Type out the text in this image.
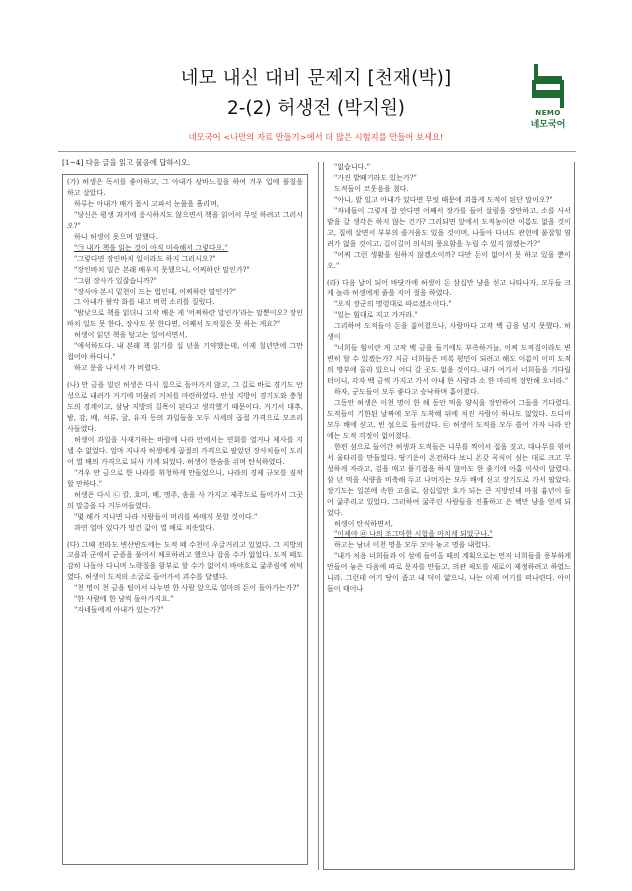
네모 내신 대비 문제지 [천재(박)]
2-(2) 허생전 (박지원)
네모국어 <나만의 자료 만들기>에서 더 많은 시험지를 만들어 보세요!
NEMO
네모국어
[1~4] 다음 글을 읽고 물음에 답하시오.

(가) 허생은 독서를 좋아하고, 그 아내가 삯바느질을 하여 겨우 입에 풀칠을 하고 살았다.

하루는 아내가 배가 몹시 고파서 눈물을 흘리며,

"당신은 평생 과거에 응시하지도 않으면서 책을 읽어서 무엇 하려고 그러시오?"

하니 허생이 웃으며 말했다.

"㉠ 내가 책을 읽는 것이 아직 미숙해서 그렇다오."

"그렇다면 장인바치 일이라도 하지 그러시오?"

"장인바치 일은 본래 배우지 못했으니, 어찌하란 말인가?"

"그럼 장사가 있잖습니까?"

"장사야 본시 밑천이 드는 법인데, 어찌하란 말인가?"

그 아내가 왈칵 화를 내고 버럭 소리를 질렀다.

"밤낮으로 책을 읽더니 고작 배운 게 '어찌하란 말인가'라는 말뿐이오? 장인바치 일도 못 한다, 장사도 못 한다면, 어째서 도적질은 못 하는 게요?"

허생이 읽던 책을 덮고는 일어서면서,

"애석하도다. 내 본래 책 읽기를 십 년을 기약했는데, 이제 칠년만에 그만 접어야 하다니."

하고 문을 나서서 가 버렸다.

(나) 만 금을 빌린 허생은 다시 집으로 돌아가지 않고, 그 길로 바로 경기도 안성으로 내려가 거기에 머물러 거처를 마련하였다. 안성 지방이 경기도와 충청도의 경계이고, 삼남 지방의 길목이 된다고 생각했기 때문이다. 거기서 대추, 밤, 감, 배, 석류, 귤, 유자 등의 과일들을 모두 시세의 곱절 가격으로 모조리 사들였다.

허생이 과일을 사재기하는 바람에 나라 안에서는 연회를 열거나 제사를 지낼 수 없었다. 얼마 지나자 허생에게 곱절의 가격으로 팔았던 장사치들이 도리어 열 배의 가격으로 되사 가게 되었다. 허생이 한숨을 쉬며 탄식하였다.

"겨우 만 금으로 한 나라를 휘청하게 만들었으니, 나라의 경제 규모를 짐작할 만하다."

허생은 다시 ㉡ 칼, 호미, 베, 명주, 솜을 사 가지고 제주도로 들어가서 그곳의 말총을 다 거두어들였다.

"몇 해가 지나면 나라 사람들이 머리를 싸매지 못할 것이다."

과연 얼마 있다가 망건 값이 열 배로 치솟았다.

(다) 그때 전라도 변산반도에는 도적 떼 수천이 우글거리고 있었다. 그 지방의 고을과 군에서 군졸을 풀어서 체포하려고 했으나 잡을 수가 없었다. 도적 떼도 감히 나돌아 다니며 노략질을 함부로 할 수가 없어서 바야흐로 굶주림에 허덕였다. 허생이 도적의 소굴로 들어가서 괴수를 달랬다.

"천 명이 천 금을 털어서 나누면 한 사람 앞으로 얼마의 돈이 돌아가는가?"

"한 사람에 한 냥씩 돌아가지요."

"자네들에게 아내가 있는가?"

"없습니다."

"가진 밭뙈기라도 있는가?"

도적들이 코웃음을 쳤다.

"아니, 밭 있고 아내가 있다면 무엇 때문에 괴롭게 도적이 된단 말이오?"

"자네들이 그렇게 잘 안다면 어째서 장가를 들어 살림을 장만하고, 소를 사서 밭을 갈 생각은 하지 않는 건가? 그리되면 앞에서 도적놈이란 이름도 없을 것이고, 집에 살면서 부부의 즐거움도 있을 것이며, 나돌아 다녀도 관헌에 붙잡힐 염려가 없을 것이고, 길이길이 의식의 풍요함을 누릴 수 있지 않겠는가?"

"어찌 그런 생활을 원하지 않겠소이까? 다만 돈이 없어서 못 하고 있을 뿐이오."

(라) 다음 날이 되어 바닷가에 허생이 돈 삼십만 냥을 싣고 나타나자, 모두들 크게 놀라 허생에게 줄을 지어 절을 하였다.

"오직 장군의 명령대로 따르겠소이다."

"있는 힘대로 지고 가거라."

그리하여 도적들이 돈을 짊어졌으나, 사람마다 고작 백 금을 넘지 못했다. 허생이

"너희들 힘이란 게 고작 백 금을 들기에도 부족하거늘, 어찌 도적질이라도 변변히 할 수 있겠는가? 지금 너희들은 비록 평민이 되려고 해도 이름이 이미 도적의 명부에 올라 있으니 어디 갈 곳도 없을 것이다. 내가 여기서 너희들을 기다릴 터이니, 각자 백 금씩 가지고 가서 아내 한 사람과 소 한 마리씩 장만해 오너라."

하자, 군도들이 모두 좋다고 승낙하며 흩어졌다.

그동안 허생은 이천 명이 한 해 동안 먹을 양식을 장만하여 그들을 기다렸다. 도적들이 기한된 날짜에 모두 도착해 뒤에 처진 사람이 하나도 없었다. 드디어 모두 배에 싣고, 빈 섬으로 들어갔다. ㉢ 허생이 도적을 모두 쓸어 가자 나라 안에는 도적 걱정이 없어졌다.

한편 섬으로 들어간 허생과 도적들은 나무를 찍어서 집을 짓고, 대나무를 엮어서 울타리를 만들었다. 땅기운이 온전하다 보니 온갖 곡식이 심는 대로 크고 무성하게 자라고, 김을 매고 풀기접을 하지 않아도 한 줄기에 아홉 이삭이 달렸다. 삼 년 먹을 식량을 비축해 두고 나머지는 모두 배에 싣고 장기도로 가서 팔았다. 장기도는 일본에 속한 고을로, 삼십일만 호가 되는 큰 지방인데 마침 흉년이 들어 굶주리고 있었다. 그러하여 굶주린 사람들을 진휼하고 은 백만 냥을 얻게 되었다.

허생이 탄식하면서,

"이제야 ㉣ 나의 조그마한 시험을 마치게 되었구나."

하고는 남녀 이천 명을 모두 모아 놓고 명을 내렸다.

"내가 처음 너희들과 이 섬에 들어올 때의 계획으로는 먼저 너희들을 풍부하게 만들어 놓은 다음에 따로 문자를 만들고, 의관 제도를 새로이 제정하려고 하였느니라. 그런데 여기 땅이 좁고 내 덕이 얇으니, 나는 이제 여기를 떠나련다. 아이들이 태어나
